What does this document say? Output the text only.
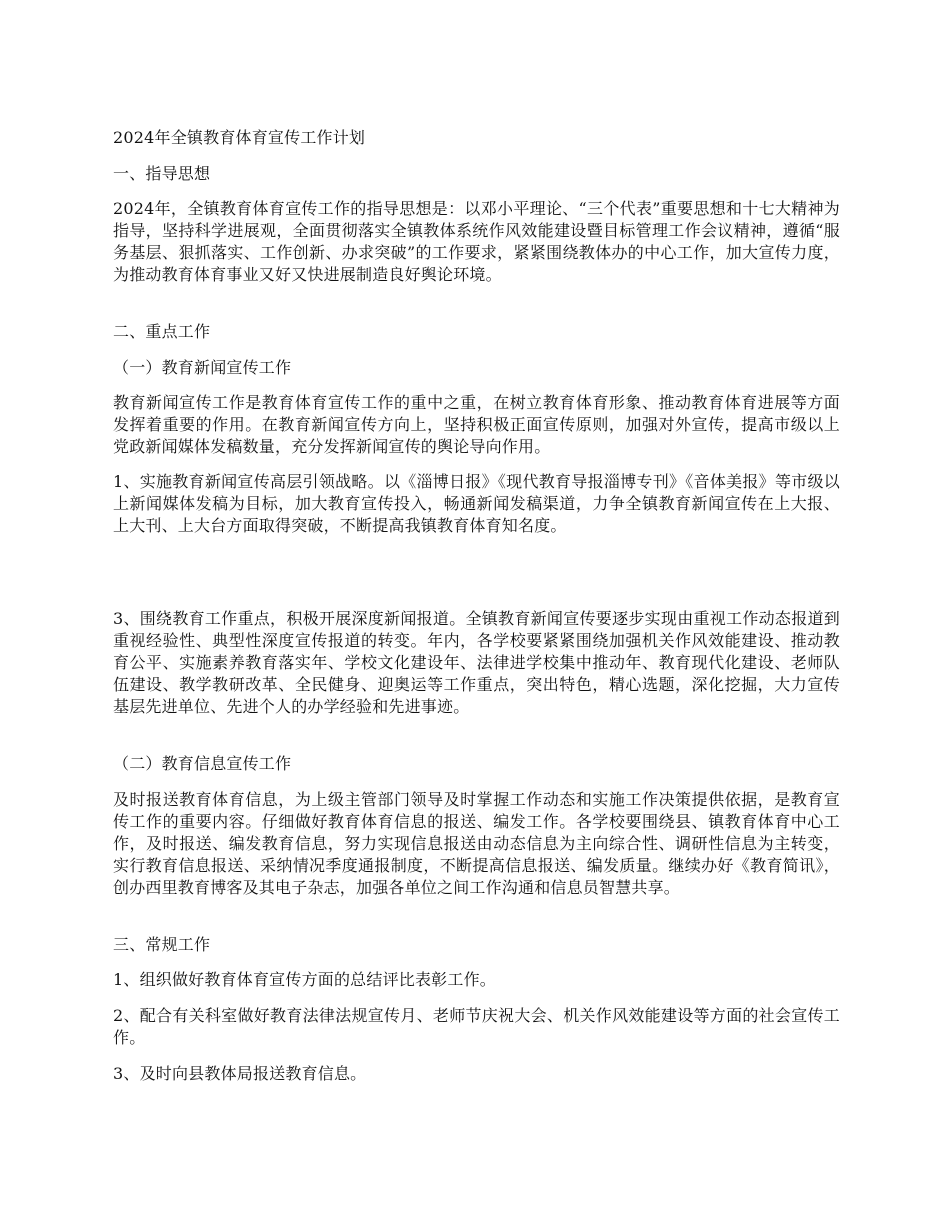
2024年全镇教育体育宣传工作计划

一、指导思想

2024年，全镇教育体育宣传工作的指导思想是：以邓小平理论、“三个代表”重要思想和十七大精神为指导，坚持科学进展观，全面贯彻落实全镇教体系统作风效能建设暨目标管理工作会议精神，遵循“服务基层、狠抓落实、工作创新、办求突破”的工作要求，紧紧围绕教体办的中心工作，加大宣传力度，为推动教育体育事业又好又快进展制造良好舆论环境。

二、重点工作

（一）教育新闻宣传工作

教育新闻宣传工作是教育体育宣传工作的重中之重，在树立教育体育形象、推动教育体育进展等方面发挥着重要的作用。在教育新闻宣传方向上，坚持积极正面宣传原则，加强对外宣传，提高市级以上党政新闻媒体发稿数量，充分发挥新闻宣传的舆论导向作用。

1、实施教育新闻宣传高层引领战略。以《淄博日报》《现代教育导报淄博专刊》《音体美报》等市级以上新闻媒体发稿为目标，加大教育宣传投入，畅通新闻发稿渠道，力争全镇教育新闻宣传在上大报、上大刊、上大台方面取得突破，不断提高我镇教育体育知名度。

3、围绕教育工作重点，积极开展深度新闻报道。全镇教育新闻宣传要逐步实现由重视工作动态报道到重视经验性、典型性深度宣传报道的转变。年内，各学校要紧紧围绕加强机关作风效能建设、推动教育公平、实施素养教育落实年、学校文化建设年、法律进学校集中推动年、教育现代化建设、老师队伍建设、教学教研改革、全民健身、迎奥运等工作重点，突出特色，精心选题，深化挖掘，大力宣传基层先进单位、先进个人的办学经验和先进事迹。

（二）教育信息宣传工作

及时报送教育体育信息，为上级主管部门领导及时掌握工作动态和实施工作决策提供依据，是教育宣传工作的重要内容。仔细做好教育体育信息的报送、编发工作。各学校要围绕县、镇教育体育中心工作，及时报送、编发教育信息，努力实现信息报送由动态信息为主向综合性、调研性信息为主转变，实行教育信息报送、采纳情况季度通报制度，不断提高信息报送、编发质量。继续办好《教育简讯》，创办西里教育博客及其电子杂志，加强各单位之间工作沟通和信息员智慧共享。

三、常规工作

1、组织做好教育体育宣传方面的总结评比表彰工作。

2、配合有关科室做好教育法律法规宣传月、老师节庆祝大会、机关作风效能建设等方面的社会宣传工作。

3、及时向县教体局报送教育信息。
